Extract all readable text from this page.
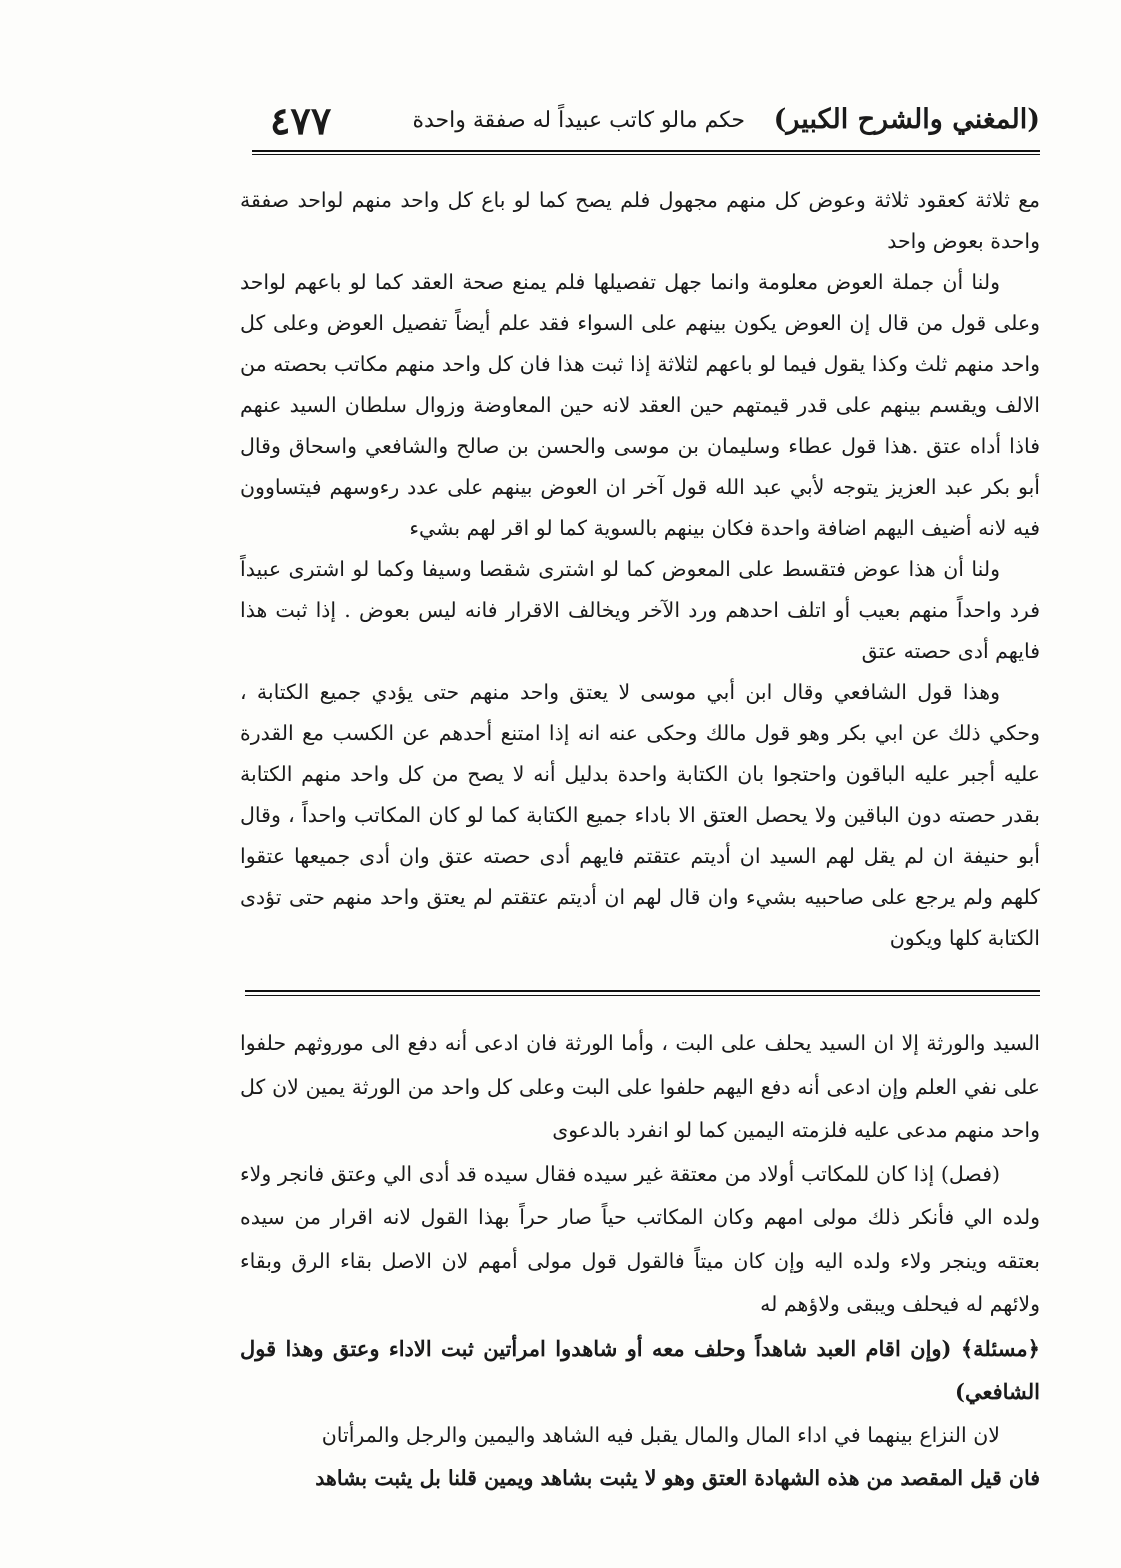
(المغني والشرح الكبير)
حكم مالو كاتب عبيداً له صفقة واحدة
٤٧٧

مع ثلاثة كعقود ثلاثة وعوض كل منهم مجهول فلم يصح كما لو باع كل واحد منهم لواحد صفقة واحدة بعوض واحد

ولنا أن جملة العوض معلومة وانما جهل تفصيلها فلم يمنع صحة العقد كما لو باعهم لواحد وعلى قول من قال إن العوض يكون بينهم على السواء فقد علم أيضاً تفصيل العوض وعلى كل واحد منهم ثلث وكذا يقول فيما لو باعهم لثلاثة إذا ثبت هذا فان كل واحد منهم مكاتب بحصته من الالف ويقسم بينهم على قدر قيمتهم حين العقد لانه حين المعاوضة وزوال سلطان السيد عنهم فاذا أداه عتق .هذا قول عطاء وسليمان بن موسى والحسن بن صالح والشافعي واسحاق وقال أبو بكر عبد العزيز يتوجه لأبي عبد الله قول آخر ان العوض بينهم على عدد رءوسهم فيتساوون فيه لانه أضيف اليهم اضافة واحدة فكان بينهم بالسوية كما لو اقر لهم بشيء

ولنا أن هذا عوض فتقسط على المعوض كما لو اشترى شقصا وسيفا وكما لو اشترى عبيداً فرد واحداً منهم بعيب أو اتلف احدهم ورد الآخر ويخالف الاقرار فانه ليس بعوض . إذا ثبت هذا فايهم أدى حصته عتق

وهذا قول الشافعي وقال ابن أبي موسى لا يعتق واحد منهم حتى يؤدي جميع الكتابة ، وحكي ذلك عن ابي بكر وهو قول مالك وحكى عنه انه إذا امتنع أحدهم عن الكسب مع القدرة عليه أجبر عليه الباقون واحتجوا بان الكتابة واحدة بدليل أنه لا يصح من كل واحد منهم الكتابة بقدر حصته دون الباقين ولا يحصل العتق الا باداء جميع الكتابة كما لو كان المكاتب واحداً ، وقال أبو حنيفة ان لم يقل لهم السيد ان أديتم عتقتم فايهم أدى حصته عتق وان أدى جميعها عتقوا كلهم ولم يرجع على صاحبيه بشيء وان قال لهم ان أديتم عتقتم لم يعتق واحد منهم حتى تؤدى الكتابة كلها ويكون

السيد والورثة إلا ان السيد يحلف على البت ، وأما الورثة فان ادعى أنه دفع الى موروثهم حلفوا على نفي العلم وإن ادعى أنه دفع اليهم حلفوا على البت وعلى كل واحد من الورثة يمين لان كل واحد منهم مدعى عليه فلزمته اليمين كما لو انفرد بالدعوى

(فصل) إذا كان للمكاتب أولاد من معتقة غير سيده فقال سيده قد أدى الي وعتق فانجر ولاء ولده الي فأنكر ذلك مولى امهم وكان المكاتب حياً صار حراً بهذا القول لانه اقرار من سيده بعتقه وينجر ولاء ولده اليه وإن كان ميتاً فالقول قول مولى أمهم لان الاصل بقاء الرق وبقاء ولائهم له فيحلف ويبقى ولاؤهم له

﴿مسئلة﴾ (وإن اقام العبد شاهداً وحلف معه أو شاهدوا امرأتين ثبت الاداء وعتق وهذا قول الشافعي)

لان النزاع بينهما في اداء المال والمال يقبل فيه الشاهد واليمين والرجل والمرأتان

فان قيل المقصد من هذه الشهادة العتق وهو لا يثبت بشاهد ويمين قلنا بل يثبت بشاهد
